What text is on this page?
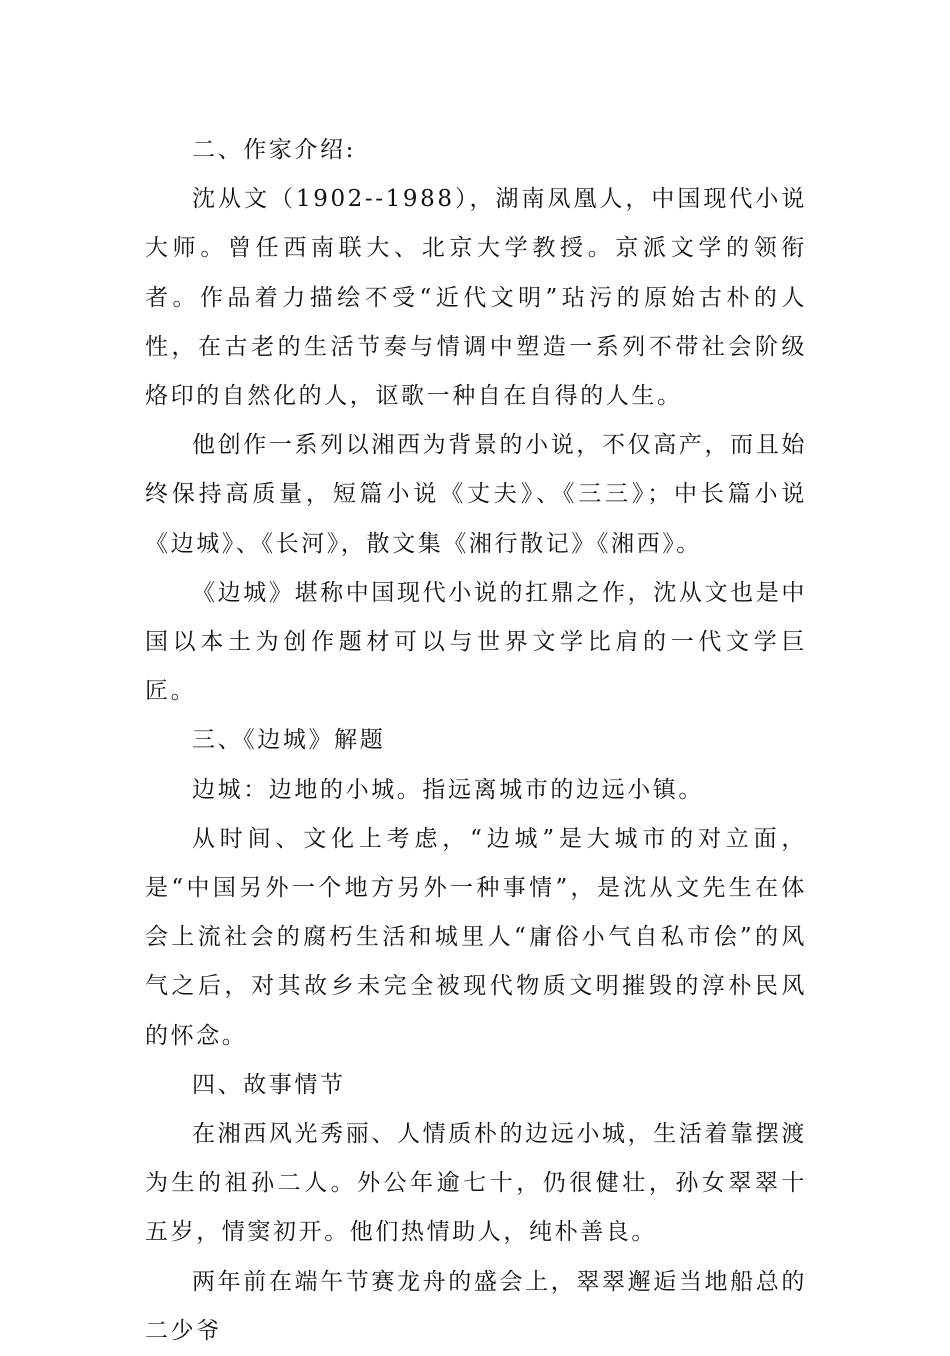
二、作家介绍:

沈从文（1902--1988），湖南凤凰人，中国现代小说大师。曾任西南联大、北京大学教授。京派文学的领衔者。作品着力描绘不受“近代文明”玷污的原始古朴的人性，在古老的生活节奏与情调中塑造一系列不带社会阶级烙印的自然化的人，讴歌一种自在自得的人生。

他创作一系列以湘西为背景的小说，不仅高产，而且始终保持高质量，短篇小说《丈夫》、《三三》；中长篇小说《边城》、《长河》，散文集《湘行散记》《湘西》。

《边城》堪称中国现代小说的扛鼎之作，沈从文也是中国以本土为创作题材可以与世界文学比肩的一代文学巨匠。

三、《边城》解题

边城：边地的小城。指远离城市的边远小镇。

从时间、文化上考虑，“边城”是大城市的对立面，是“中国另外一个地方另外一种事情”，是沈从文先生在体会上流社会的腐朽生活和城里人“庸俗小气自私市侩”的风气之后，对其故乡未完全被现代物质文明摧毁的淳朴民风的怀念。

四、故事情节

在湘西风光秀丽、人情质朴的边远小城，生活着靠摆渡为生的祖孙二人。外公年逾七十，仍很健壮，孙女翠翠十五岁，情窦初开。他们热情助人，纯朴善良。

两年前在端午节赛龙舟的盛会上，翠翠邂逅当地船总的二少爷
